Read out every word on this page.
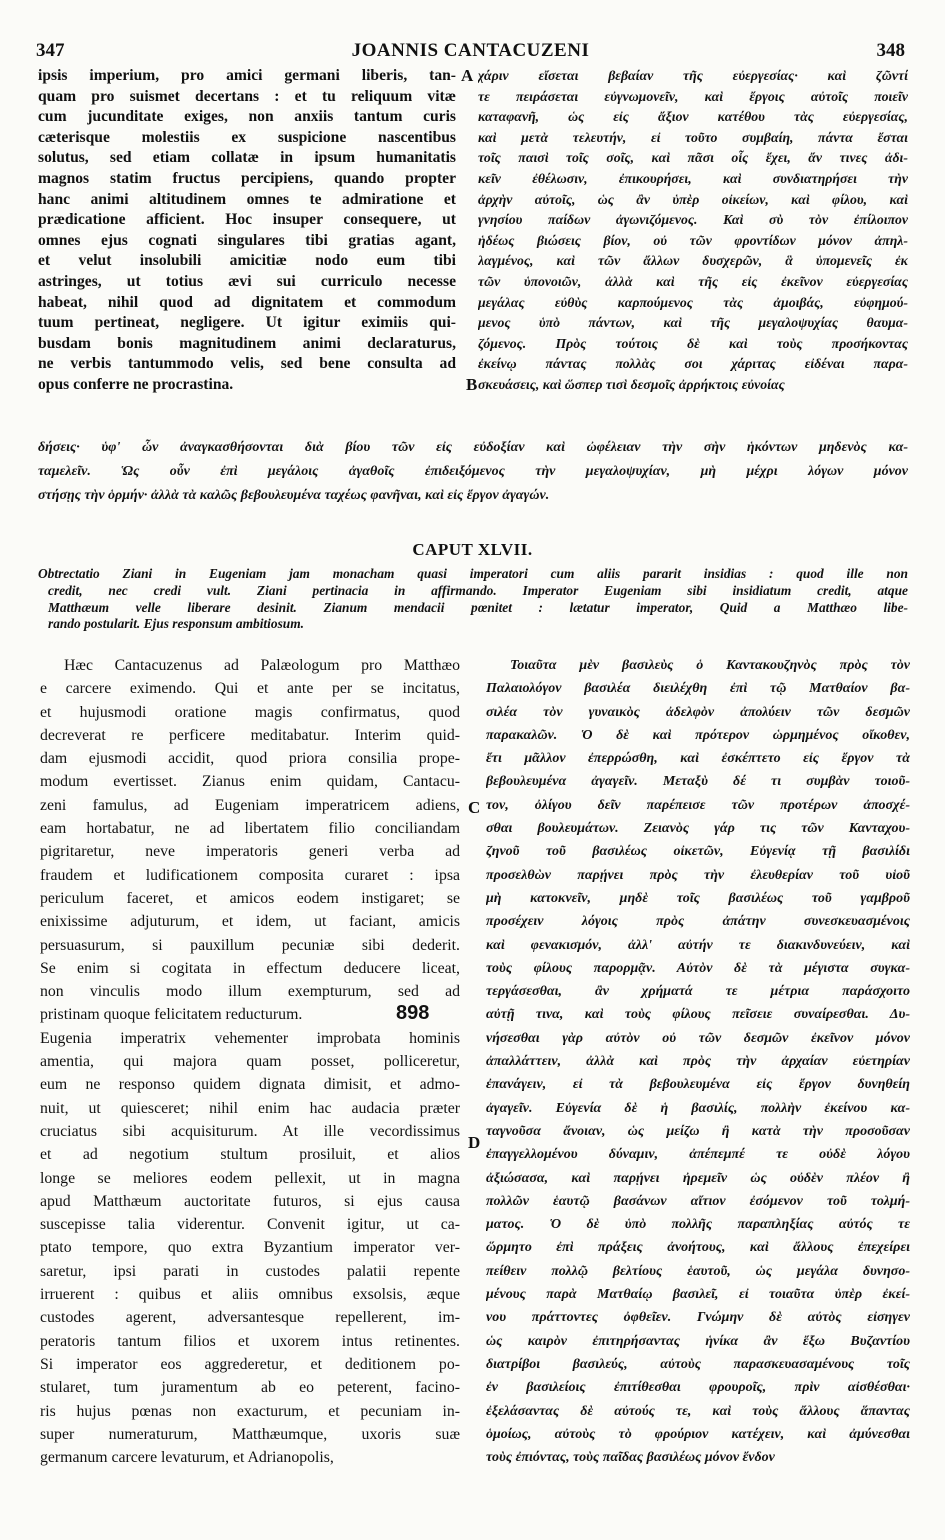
347	JOANNIS CANTACUZENI	348
ipsis imperium, pro amici germani liberis, tan-
quam pro suismet decertans : et tu reliquum vitæ
cum jucunditate exiges, non anxiis tantum curis
cæterisque molestiis ex suspicione nascentibus
solutus, sed etiam collatæ in ipsum humanitatis
magnos statim fructus percipiens, quando propter
hanc animi altitudinem omnes te admiratione et
prædicatione afficient. Hoc insuper consequere, ut
omnes ejus cognati singulares tibi gratias agant,
et velut insolubili amicitiæ nodo eum tibi
astringes, ut totius ævi sui curriculo necesse
habeat, nihil quod ad dignitatem et commodum
tuum pertineat, negligere. Ut igitur eximiis qui-
busdam bonis magnitudinem animi declaraturus,
ne verbis tantummodo velis, sed bene consulta ad
opus conferre ne procrastina.
χάριν εἴσεται βεβαίαν τῆς εὐεργεσίας· καὶ ζῶντί
τε πειράσεται εὐγνωμονεῖν, καὶ ἔργοις αὐτοῖς ποιεῖν
καταφανῆ, ὡς εἰς ἄξιον κατέθου τὰς εὐεργεσίας,
καὶ μετὰ τελευτήν, εἰ τοῦτο συμβαίη, πάντα ἔσται
τοῖς παισὶ τοῖς σοῖς, καὶ πᾶσι οἷς ἔχει, ἄν τινες ἀδι-
κεῖν ἐθέλωσιν, ἐπικουρήσει, καὶ συνδιατηρήσει τὴν
ἀρχὴν αὐτοῖς, ὡς ἂν ὑπὲρ οἰκείων, καὶ φίλου, καὶ
γνησίου παίδων ἀγωνιζόμενος. Καὶ σὺ τὸν ἐπίλοιπον
ἡδέως βιώσεις βίον, οὐ τῶν φροντίδων μόνον ἀπηλ-
λαγμένος, καὶ τῶν ἄλλων δυσχερῶν, ἃ ὑπομενεῖς ἐκ
τῶν ὑπονοιῶν, ἀλλὰ καὶ τῆς εἰς ἐκεῖνον εὐεργεσίας
μεγάλας εὐθὺς καρπούμενος τὰς ἀμοιβάς, εὐφημού-
μενος ὑπὸ πάντων, καὶ τῆς μεγαλοψυχίας θαυμα-
ζόμενος. Πρὸς τούτοις δὲ καὶ τοὺς προσήκοντας
ἐκείνῳ πάντας πολλὰς σοι χάριτας εἰδέναι παρα-
σκευάσεις, καὶ ὥσπερ τισὶ δεσμοῖς ἀρρήκτοις εὐνοίας
A
B
C
D
δήσεις· ὑφ' ὧν ἀναγκασθήσονται διὰ βίου τῶν εἰς εὐδοξίαν καὶ ὠφέλειαν τὴν σὴν ἡκόντων μηδενὸς κα-
ταμελεῖν. Ὡς οὖν ἐπὶ μεγάλοις ἀγαθοῖς ἐπιδειξόμενος τὴν μεγαλοψυχίαν, μὴ μέχρι λόγων μόνον
στήσῃς τὴν ὁρμήν· ἀλλὰ τὰ καλῶς βεβουλευμένα ταχέως φανῆναι, καὶ εἰς ἔργον ἀγαγών.
CAPUT XLVII.
Obtrectatio Ziani in Eugeniam jam monacham quasi imperatori cum aliis pararit insidias : quod ille non
credit, nec credi vult. Ziani pertinacia in affirmando. Imperator Eugeniam sibi insidiatum credit, atque
Matthæum velle liberare desinit. Zianum mendacii pœnitet : lætatur imperator, Quid a Matthæo libe-
rando postularit. Ejus responsum ambitiosum.
Hæc Cantacuzenus ad Palæologum pro Matthæo
e carcere eximendo. Qui et ante per se incitatus,
et hujusmodi oratione magis confirmatus, quod
decreverat re perficere meditabatur. Interim quid-
dam ejusmodi accidit, quod priora consilia prope-
modum evertisset. Zianus enim quidam, Cantacu-
zeni famulus, ad Eugeniam imperatricem adiens,
eam hortabatur, ne ad libertatem filio conciliandam
pigritaretur, neve imperatoris generi verba ad
fraudem et ludificationem composita curaret : ipsa
periculum faceret, et amicos eodem instigaret; se
enixissime adjuturum, et idem, ut faciant, amicis
persuasurum, si pauxillum pecuniæ sibi dederit.
Se enim si cogitata in effectum deducere liceat,
non vinculis modo illum exempturum, sed ad
pristinam quoque felicitatem reducturum.
Eugenia imperatrix vehementer improbata hominis
amentia, qui majora quam posset, polliceretur,
eum ne responso quidem dignata dimisit, et admo-
nuit, ut quiesceret; nihil enim hac audacia præter
cruciatus sibi acquisiturum. At ille vecordissimus
et ad negotium stultum prosiluit, et alios
longe se meliores eodem pellexit, ut in magna
apud Matthæum auctoritate futuros, si ejus causa
suscepisse talia viderentur. Convenit igitur, ut ca-
ptato tempore, quo extra Byzantium imperator ver-
saretur, ipsi parati in custodes palatii repente
irruerent : quibus et aliis omnibus exsolsis, æque
custodes agerent, adversantesque repellerent, im-
peratoris tantum filios et uxorem intus retinentes.
Si imperator eos aggrederetur, et deditionem po-
stularet, tum juramentum ab eo peterent, facino-
ris hujus pœnas non exacturum, et pecuniam in-
super numeraturum, Matthæumque, uxoris suæ
germanum carcere levaturum, et Adrianopolis,
Τοιαῦτα μὲν βασιλεὺς ὁ Καντακουζηνὸς πρὸς τὸν
Παλαιολόγον βασιλέα διειλέχθη ἐπὶ τῷ Ματθαίον βα-
σιλέα τὸν γυναικὸς ἀδελφὸν ἀπολύειν τῶν δεσμῶν
παρακαλῶν. Ὁ δὲ καὶ πρότερον ὡρμημένος οἴκοθεν,
ἔτι μᾶλλον ἐπερρώσθη, καὶ ἐσκέπτετο εἰς ἔργον τὰ
βεβουλευμένα ἀγαγεῖν. Μεταξὺ δέ τι συμβὰν τοιοῦ-
τον, ὀλίγου δεῖν παρέπεισε τῶν προτέρων ἀποσχέ-
σθαι βουλευμάτων. Ζειανὸς γάρ τις τῶν Κανταχου-
ζηνοῦ τοῦ βασιλέως οἰκετῶν, Εὐγενίᾳ τῇ βασιλίδι
προσελθὼν παρῄνει πρὸς τὴν ἐλευθερίαν τοῦ υἱοῦ
μὴ κατοκνεῖν, μηδὲ τοῖς βασιλέως τοῦ γαμβροῦ
προσέχειν λόγοις πρὸς ἀπάτην συνεσκευασμένοις
καὶ φενακισμόν, ἀλλ' αὐτήν τε διακινδυνεύειν, καὶ
τοὺς φίλους παρορμᾷν. Αὐτὸν δὲ τὰ μέγιστα συγκα-
τεργάσεσθαι, ἂν χρήματά τε μέτρια παράσχοιτο
αὐτῇ τινα, καὶ τοὺς φίλους πεῖσειε συναίρεσθαι. Δυ-
νήσεσθαι γὰρ αὐτὸν οὐ τῶν δεσμῶν ἐκεῖνον μόνον
ἀπαλλάττειν, ἀλλὰ καὶ πρὸς τὴν ἀρχαίαν εὐετηρίαν
ἐπανάγειν, εἰ τὰ βεβουλευμένα εἰς ἔργον δυνηθείη
ἀγαγεῖν. Εὐγενία δὲ ἡ βασιλίς, πολλὴν ἐκείνου κα-
ταγνοῦσα ἄνοιαν, ὡς μείζω ἢ κατὰ τὴν προσοῦσαν
ἐπαγγελλομένου δύναμιν, ἀπέπεμπέ τε οὐδὲ λόγου
ἀξιώσασα, καὶ παρῄνει ἠρεμεῖν ὡς οὐδὲν πλέον ἢ
πολλῶν ἑαυτῷ βασάνων αἴτιον ἐσόμενον τοῦ τολμή-
ματος. Ὁ δὲ ὑπὸ πολλῆς παραπληξίας αὐτός τε
ὥρμητο ἐπὶ πράξεις ἀνοήτους, καὶ ἄλλους ἐπεχείρει
πείθειν πολλῷ βελτίους ἑαυτοῦ, ὡς μεγάλα δυνησο-
μένους παρὰ Ματθαίῳ βασιλεῖ, εἰ τοιαῦτα ὑπὲρ ἐκεί-
νου πράττοντες ὀφθεῖεν. Γνώμην δὲ αὐτὸς εἰσηγεν
ὡς καιρὸν ἐπιτηρήσαντας ἡνίκα ἂν ἔξω Βυζαντίου
διατρίβοι βασιλεύς, αὐτοὺς παρασκευασαμένους τοῖς
ἐν βασιλείοις ἐπιτίθεσθαι φρουροῖς, πρὶν αἰσθέσθαι·
ἐξελάσαντας δὲ αὐτούς τε, καὶ τοὺς ἄλλους ἅπαντας
ὁμοίως, αὐτοὺς τὸ φρούριον κατέχειν, καὶ ἀμύνεσθαι
τοὺς ἐπιόντας, τοὺς παῖδας βασιλέως μόνον ἔνδον
898
